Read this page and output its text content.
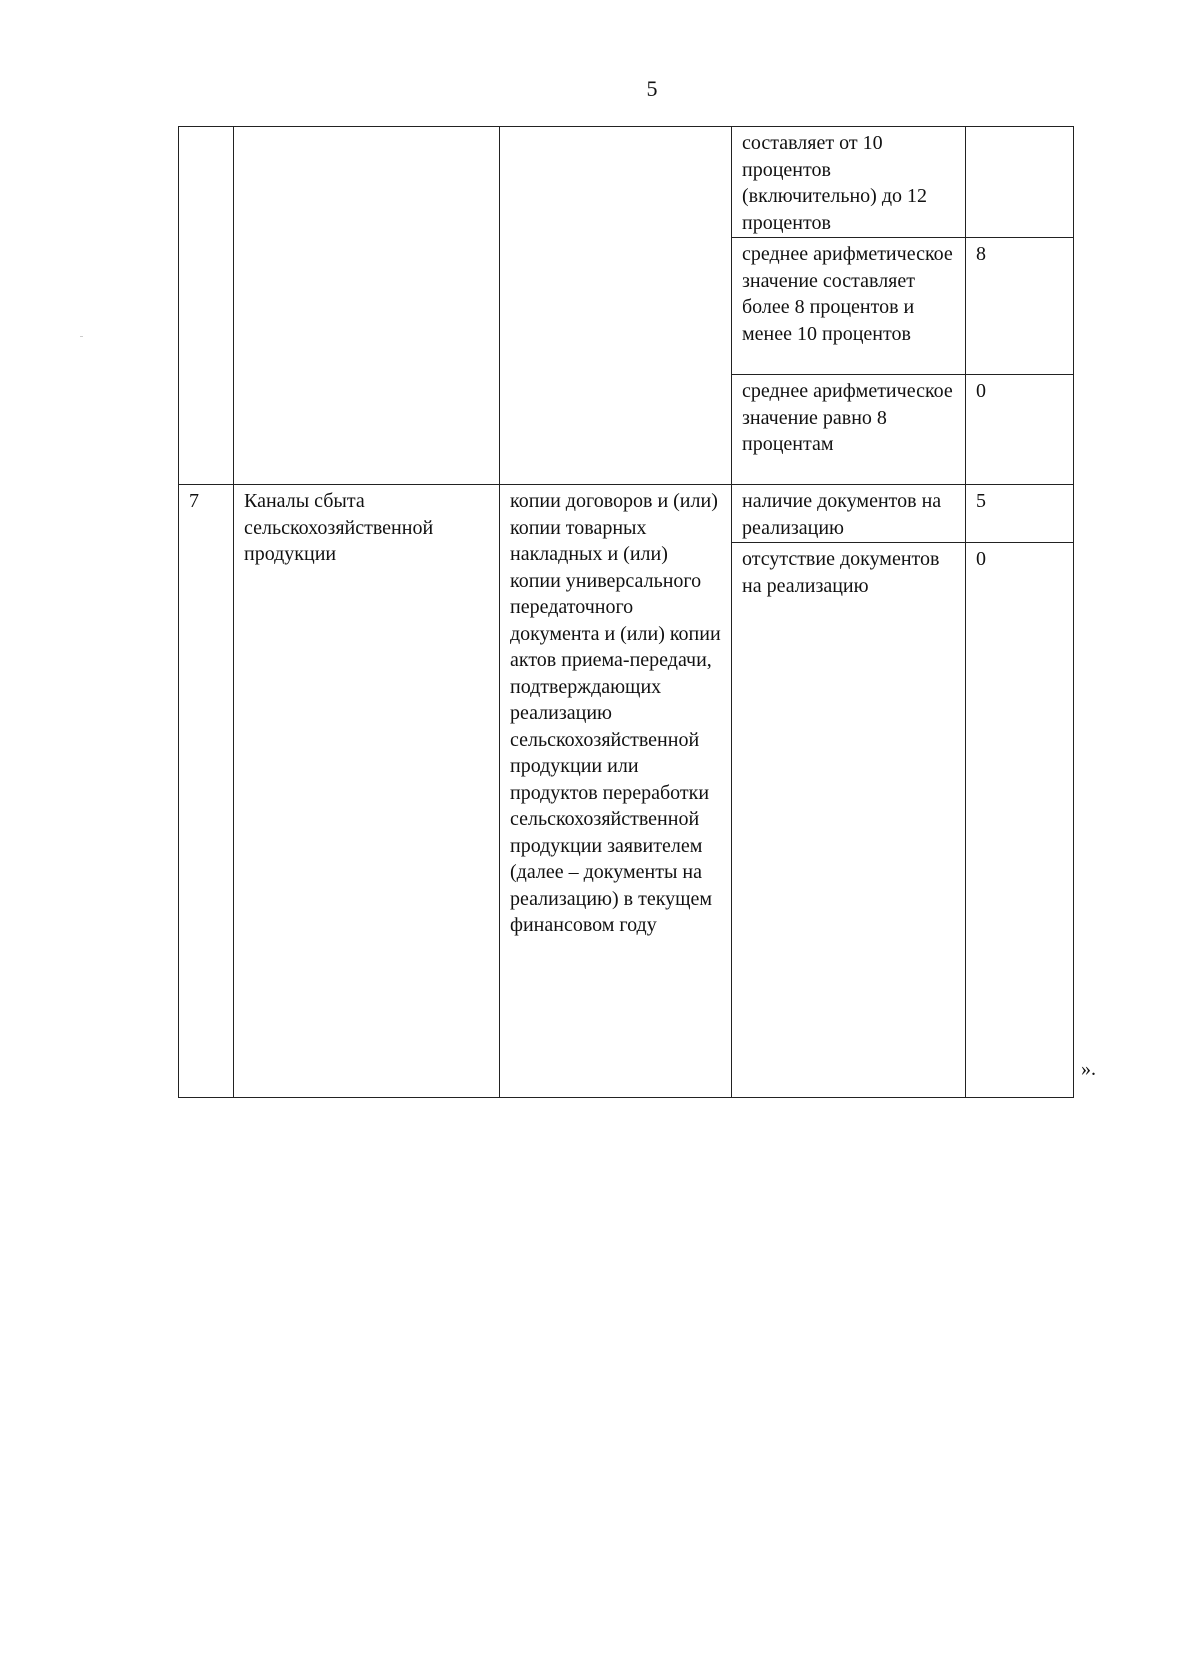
5
			составляет от 10 процентов (включительно) до 12 процентов	
			среднее арифметическое значение составляет более 8 процентов и менее 10 процентов	8
			среднее арифметическое значение равно 8 процентам	0
7	Каналы сбыта сельскохозяйственной продукции	копии договоров и (или) копии товарных накладных и (или) копии универсального передаточного документа и (или) копии актов приема-передачи, подтверждающих реализацию сельскохозяйственной продукции или продуктов переработки сельскохозяйственной продукции заявителем (далее – документы на реализацию) в текущем финансовом году	наличие документов на реализацию	5
			отсутствие документов на реализацию	0
».
